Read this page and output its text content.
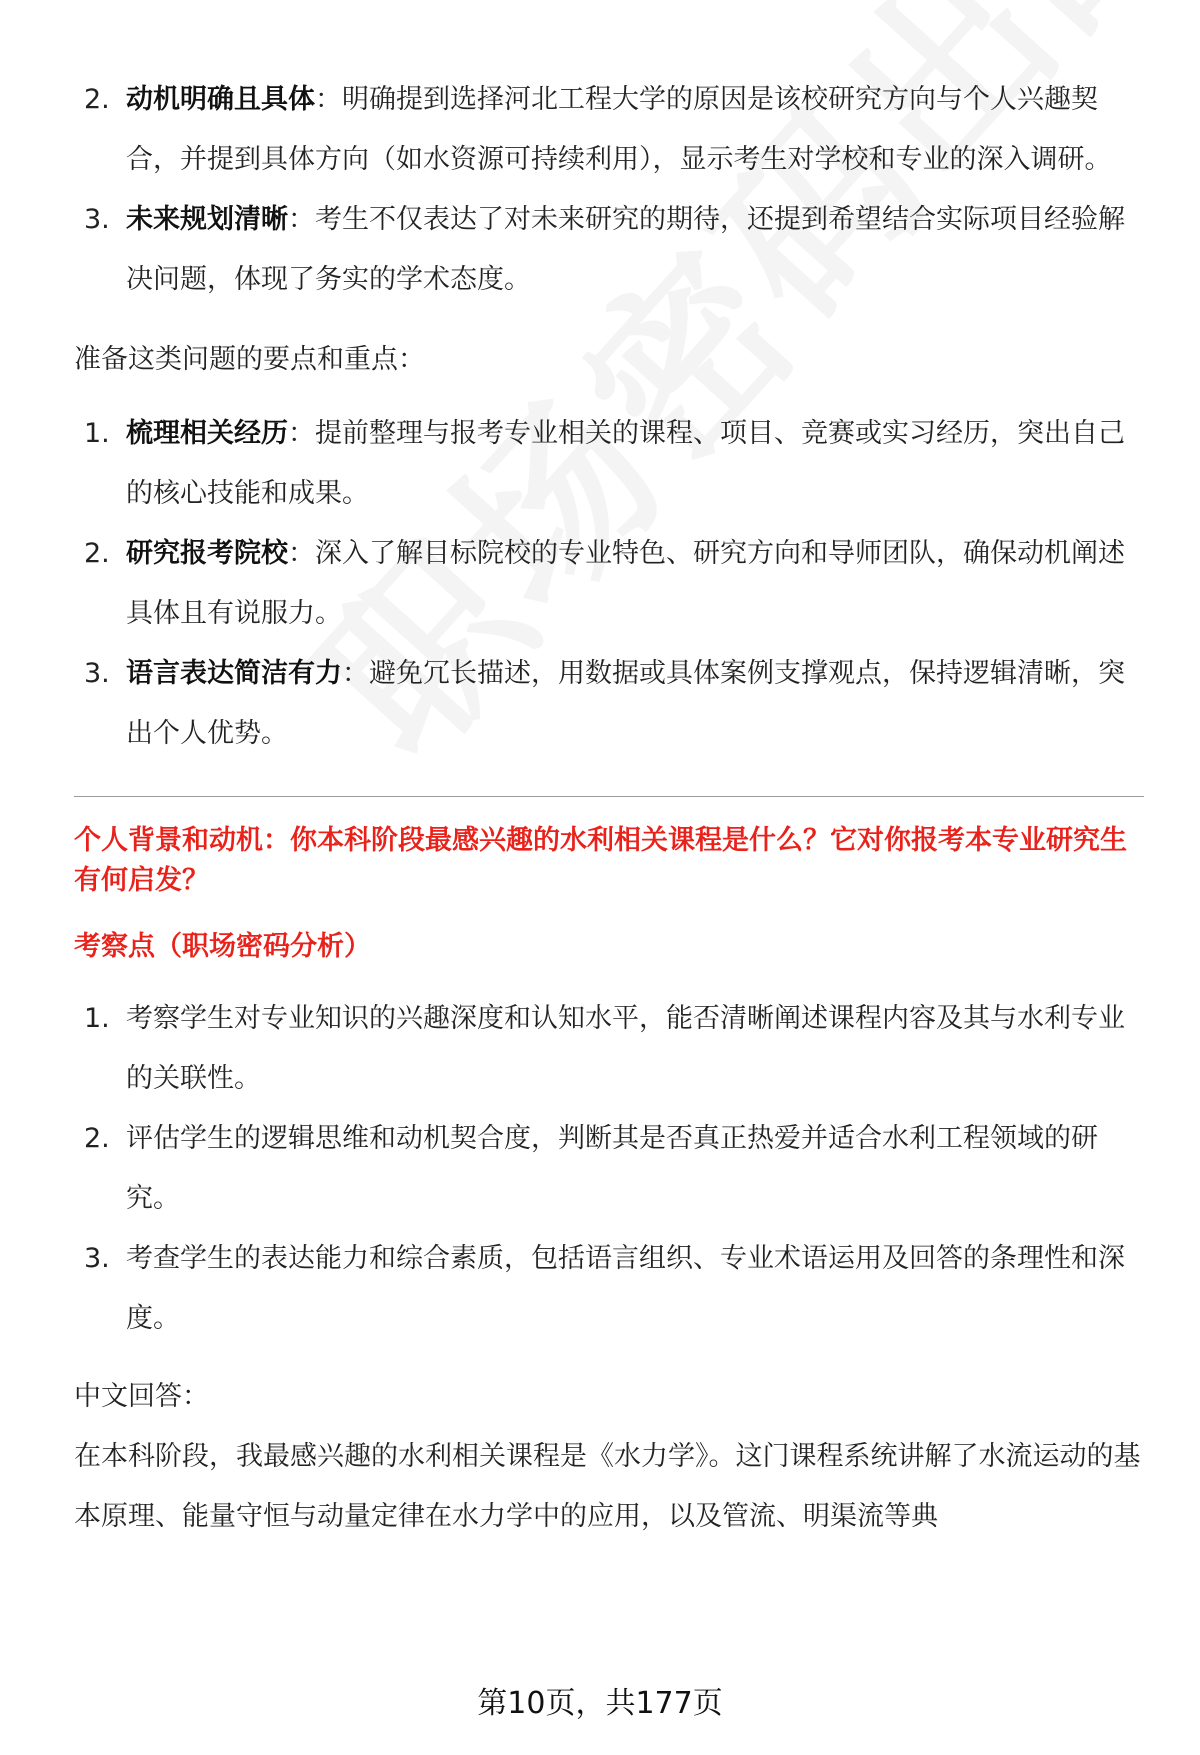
2. 动机明确且具体：明确提到选择河北工程大学的原因是该校研究方向与个人兴趣契合，并提到具体方向（如水资源可持续利用），显示考生对学校和专业的深入调研。
3. 未来规划清晰：考生不仅表达了对未来研究的期待，还提到希望结合实际项目经验解决问题，体现了务实的学术态度。

准备这类问题的要点和重点：

1. 梳理相关经历：提前整理与报考专业相关的课程、项目、竞赛或实习经历，突出自己的核心技能和成果。
2. 研究报考院校：深入了解目标院校的专业特色、研究方向和导师团队，确保动机阐述具体且有说服力。
3. 语言表达简洁有力：避免冗长描述，用数据或具体案例支撑观点，保持逻辑清晰，突出个人优势。
个人背景和动机：你本科阶段最感兴趣的水利相关课程是什么？它对你报考本专业研究生有何启发？
考察点（职场密码分析）
1. 考察学生对专业知识的兴趣深度和认知水平，能否清晰阐述课程内容及其与水利专业的关联性。
2. 评估学生的逻辑思维和动机契合度，判断其是否真正热爱并适合水利工程领域的研究。
3. 考查学生的表达能力和综合素质，包括语言组织、专业术语运用及回答的条理性和深度。

中文回答：

在本科阶段，我最感兴趣的水利相关课程是《水力学》。这门课程系统讲解了水流运动的基本原理、能量守恒与动量定律在水力学中的应用，以及管流、明渠流等典

第10页，共177页
